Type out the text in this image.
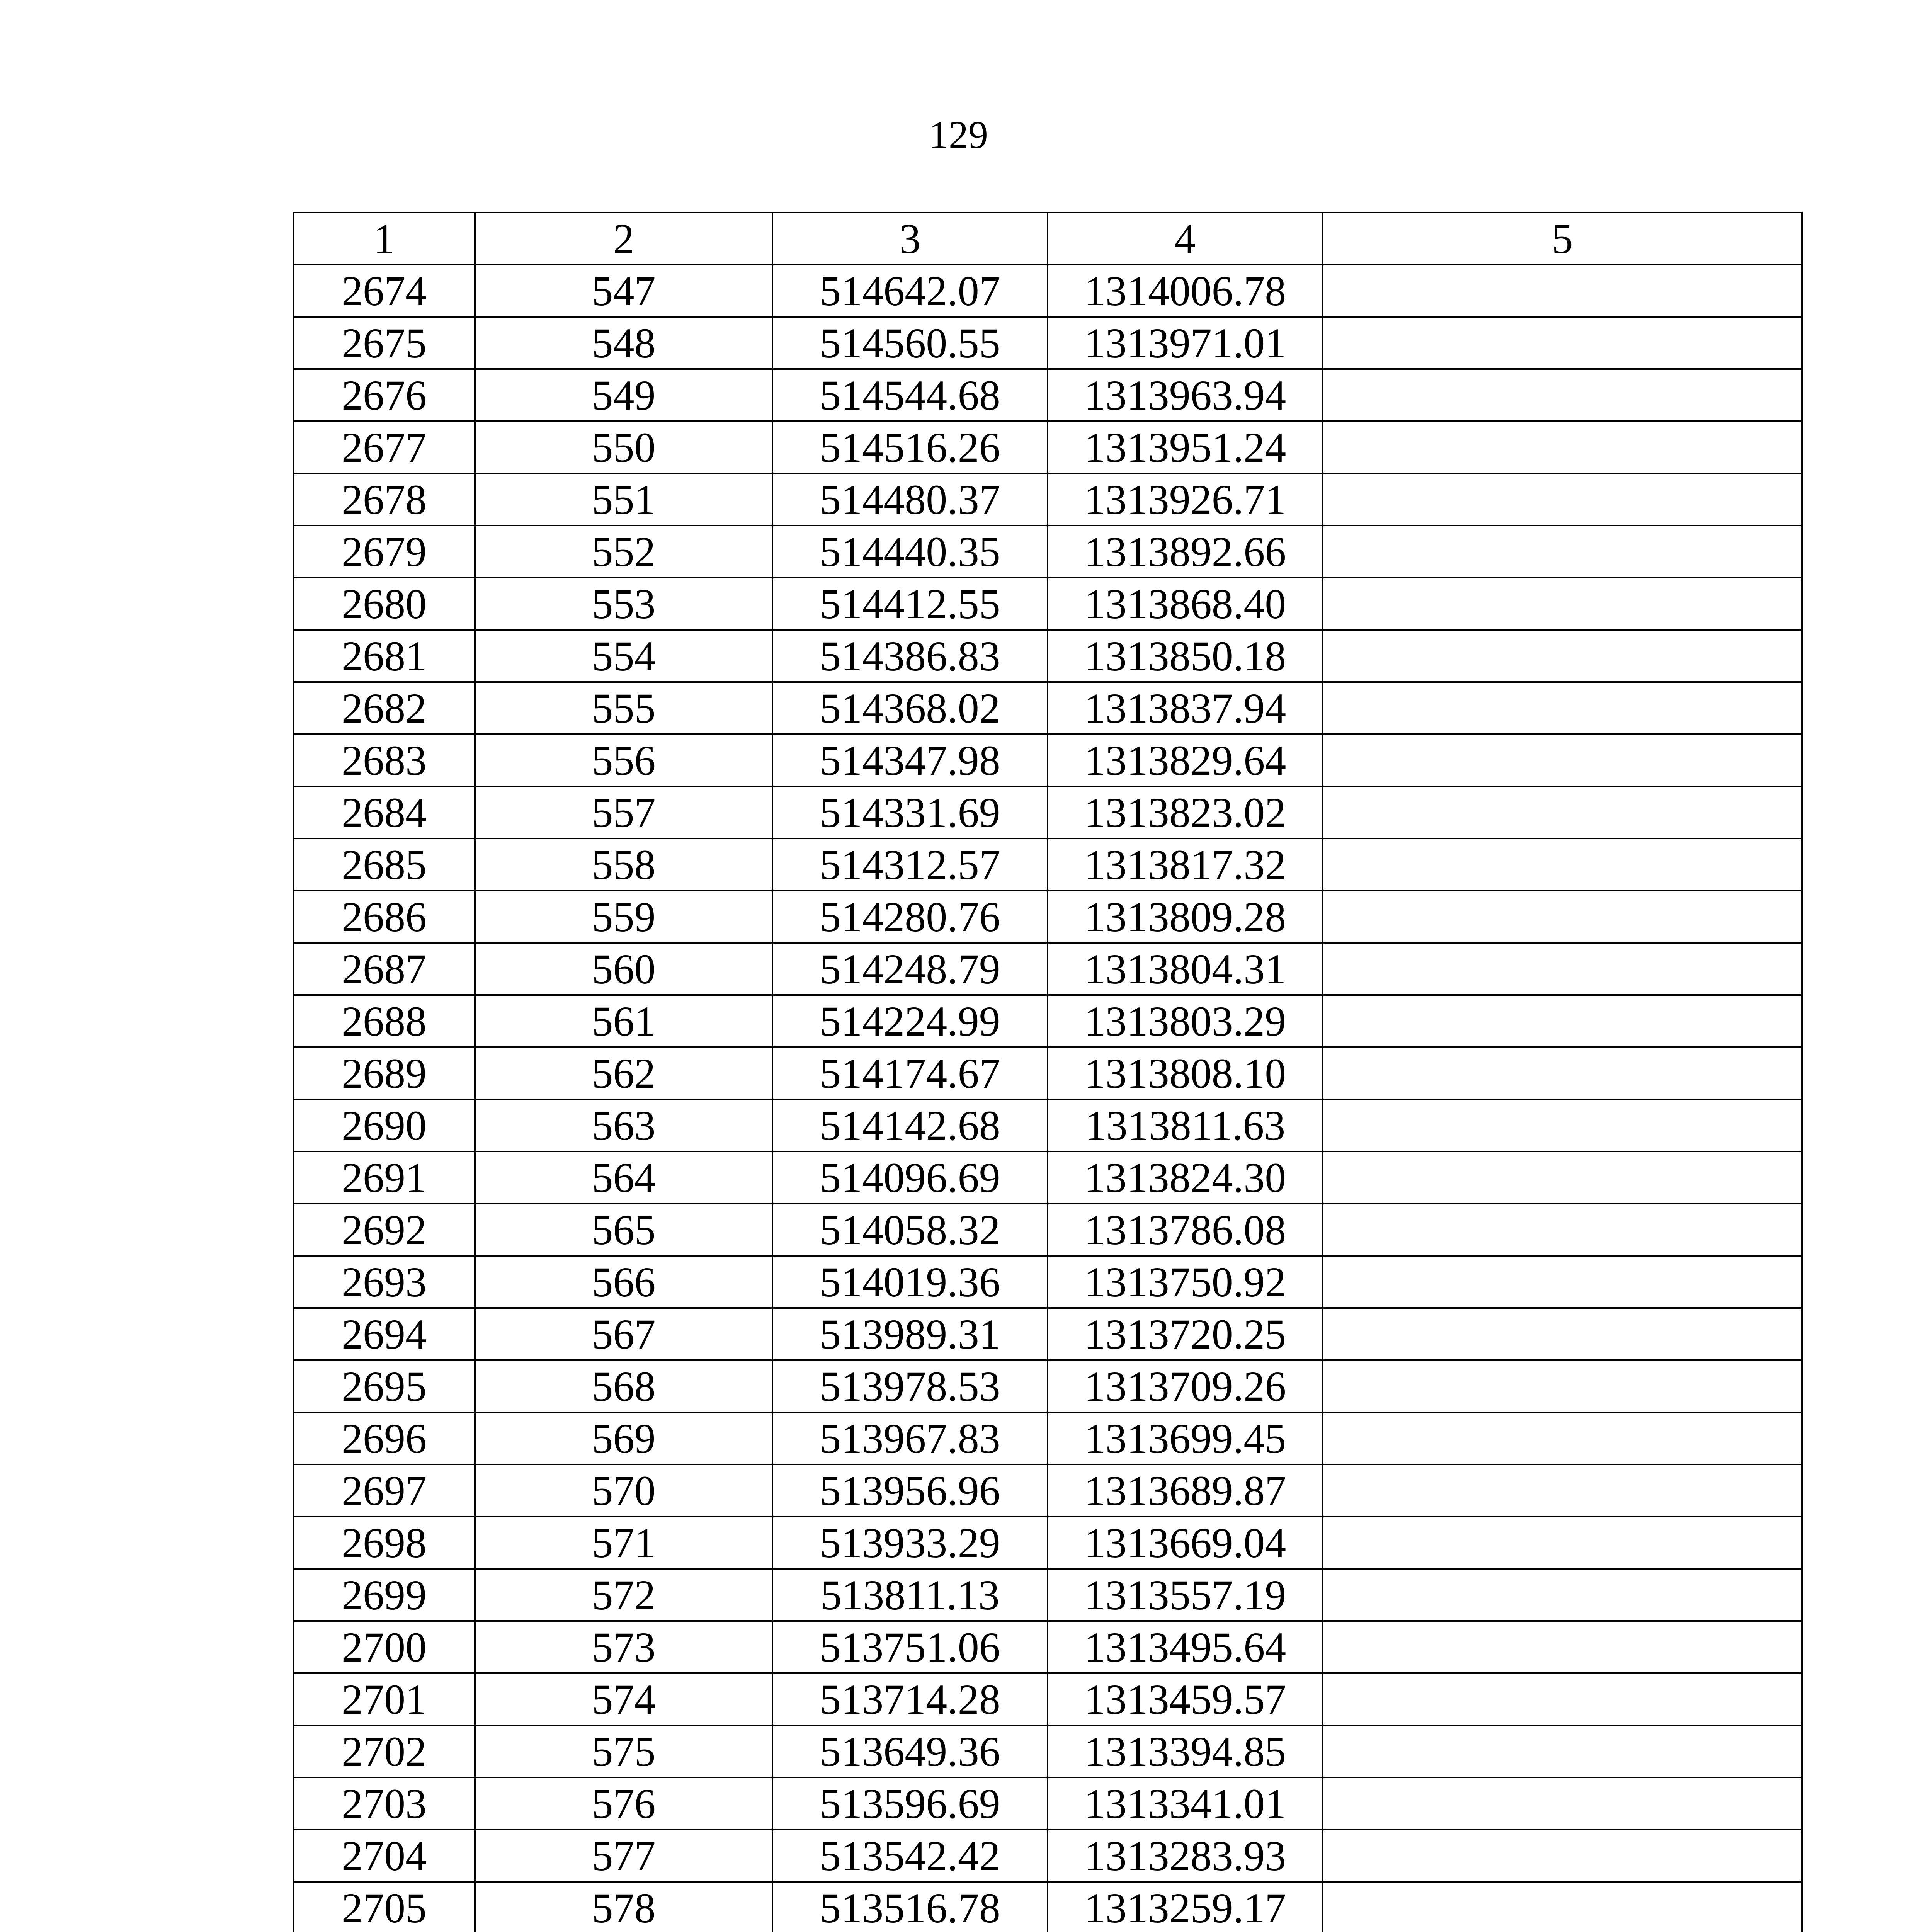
129
1	2	3	4	5
2674	547	514642.07	1314006.78	
2675	548	514560.55	1313971.01	
2676	549	514544.68	1313963.94	
2677	550	514516.26	1313951.24	
2678	551	514480.37	1313926.71	
2679	552	514440.35	1313892.66	
2680	553	514412.55	1313868.40	
2681	554	514386.83	1313850.18	
2682	555	514368.02	1313837.94	
2683	556	514347.98	1313829.64	
2684	557	514331.69	1313823.02	
2685	558	514312.57	1313817.32	
2686	559	514280.76	1313809.28	
2687	560	514248.79	1313804.31	
2688	561	514224.99	1313803.29	
2689	562	514174.67	1313808.10	
2690	563	514142.68	1313811.63	
2691	564	514096.69	1313824.30	
2692	565	514058.32	1313786.08	
2693	566	514019.36	1313750.92	
2694	567	513989.31	1313720.25	
2695	568	513978.53	1313709.26	
2696	569	513967.83	1313699.45	
2697	570	513956.96	1313689.87	
2698	571	513933.29	1313669.04	
2699	572	513811.13	1313557.19	
2700	573	513751.06	1313495.64	
2701	574	513714.28	1313459.57	
2702	575	513649.36	1313394.85	
2703	576	513596.69	1313341.01	
2704	577	513542.42	1313283.93	
2705	578	513516.78	1313259.17	
